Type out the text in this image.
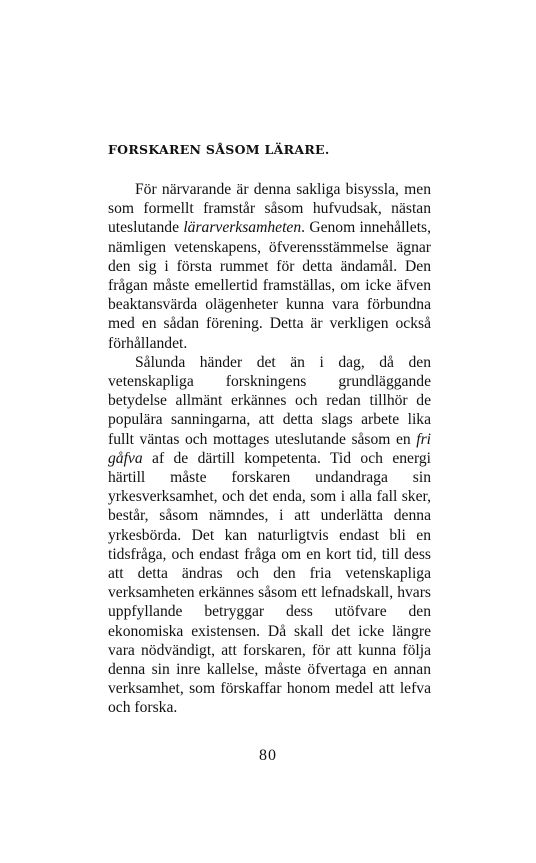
FORSKAREN SÅSOM LÄRARE.

För närvarande är denna sakliga bisyssla, men som formellt framstår såsom hufvudsak, nästan uteslutande lärarverksamheten. Genom innehållets, nämligen vetenskapens, öfverensstämmelse ägnar den sig i första rummet för detta ändamål. Den frågan måste emellertid framställas, om icke äfven beaktansvärda olägenheter kunna vara förbundna med en sådan förening. Detta är verkligen också förhållandet.

Sålunda händer det än i dag, då den vetenskapliga forskningens grundläggande betydelse allmänt erkännes och redan tillhör de populära sanningarna, att detta slags arbete lika fullt väntas och mottages uteslutande såsom en fri gåfva af de därtill kompetenta. Tid och energi härtill måste forskaren undandraga sin yrkesverksamhet, och det enda, som i alla fall sker, består, såsom nämndes, i att underlätta denna yrkesbörda. Det kan naturligtvis endast bli en tidsfråga, och endast fråga om en kort tid, till dess att detta ändras och den fria vetenskapliga verksamheten erkännes såsom ett lefnadskall, hvars uppfyllande betryggar dess utöfvare den ekonomiska existensen. Då skall det icke längre vara nödvändigt, att forskaren, för att kunna följa denna sin inre kallelse, måste öfvertaga en annan verksamhet, som förskaffar honom medel att lefva och forska.

80
